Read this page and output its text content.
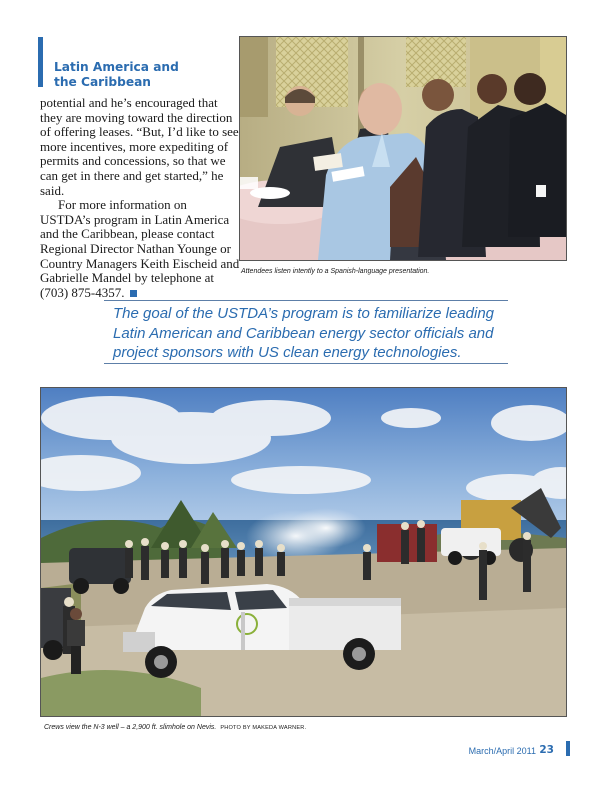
Latin America and
the Caribbean

potential and he’s encouraged that they are moving toward the direction of offering leases. “But, I’d like to see more incentives, more expediting of permits and concessions, so that we can get in there and get started,” he said.

For more information on USTDA’s program in Latin America and the Caribbean, please contact Regional Director Nathan Younge or Country Managers Keith Eischeid and Gabrielle Mandel by telephone at (703) 875-4357.

Attendees listen intently to a Spanish-language presentation.

The goal of the USTDA’s program is to familiarize leading Latin American and Caribbean energy sector officials and project sponsors with US clean energy technologies.

Crews view the N-3 well – a 2,900 ft. slimhole on Nevis. PHOTO BY MAKEDA WARNER.

March/April 2011 23
